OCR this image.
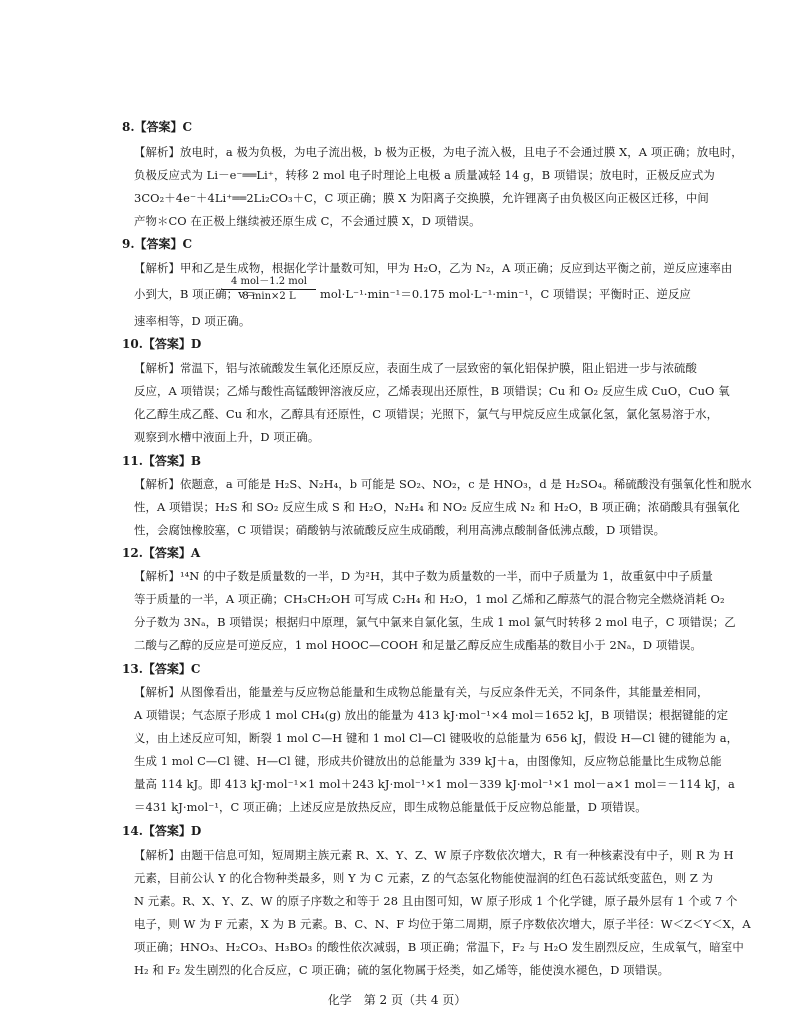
8.【答案】C
【解析】放电时，a 极为负极，为电子流出极，b 极为正极，为电子流入极，且电子不会通过膜 X，A 项正确；放电时，
负极反应式为 Li－e⁻══Li⁺，转移 2 mol 电子时理论上电极 a 质量减轻 14 g，B 项错误；放电时，正极反应式为
3CO₂＋4e⁻＋4Li⁺══2Li₂CO₃＋C，C 项正确；膜 X 为阳离子交换膜，允许锂离子由负极区向正极区迁移，中间
产物＊CO 在正极上继续被还原生成 C，不会通过膜 X，D 项错误。
9.【答案】C
【解析】甲和乙是生成物，根据化学计量数可知，甲为 H₂O，乙为 N₂，A 项正确；反应到达平衡之前，逆反应速率由
小到大，B 项正确；v＝
4 mol－1.2 mol
8 min×2 L	mol·L⁻¹·min⁻¹＝0.175 mol·L⁻¹·min⁻¹，C 项错误；平衡时正、逆反应
速率相等，D 项正确。
10.【答案】D
【解析】常温下，铝与浓硫酸发生氧化还原反应，表面生成了一层致密的氧化铝保护膜，阻止铝进一步与浓硫酸
反应，A 项错误；乙烯与酸性高锰酸钾溶液反应，乙烯表现出还原性，B 项错误；Cu 和 O₂ 反应生成 CuO，CuO 氧
化乙醇生成乙醛、Cu 和水，乙醇具有还原性，C 项错误；光照下，氯气与甲烷反应生成氯化氢，氯化氢易溶于水，
观察到水槽中液面上升，D 项正确。
11.【答案】B
【解析】依题意，a 可能是 H₂S、N₂H₄，b 可能是 SO₂、NO₂，c 是 HNO₃，d 是 H₂SO₄。稀硫酸没有强氧化性和脱水
性，A 项错误；H₂S 和 SO₂ 反应生成 S 和 H₂O，N₂H₄ 和 NO₂ 反应生成 N₂ 和 H₂O，B 项正确；浓硝酸具有强氧化
性，会腐蚀橡胶塞，C 项错误；硝酸钠与浓硫酸反应生成硝酸，利用高沸点酸制备低沸点酸，D 项错误。
12.【答案】A
【解析】¹⁴N 的中子数是质量数的一半，D 为²H，其中子数为质量数的一半，而中子质量为 1，故重氨中中子质量
等于质量的一半，A 项正确；CH₃CH₂OH 可写成 C₂H₄ 和 H₂O，1 mol 乙烯和乙醇蒸气的混合物完全燃烧消耗 O₂
分子数为 3Nₐ，B 项错误；根据归中原理，氯气中氯来自氯化氢，生成 1 mol 氯气时转移 2 mol 电子，C 项错误；乙
二酸与乙醇的反应是可逆反应，1 mol HOOC—COOH 和足量乙醇反应生成酯基的数目小于 2Nₐ，D 项错误。
13.【答案】C
【解析】从图像看出，能量差与反应物总能量和生成物总能量有关，与反应条件无关，不同条件，其能量差相同，
A 项错误；气态原子形成 1 mol CH₄(g) 放出的能量为 413 kJ·mol⁻¹×4 mol＝1652 kJ，B 项错误；根据键能的定
义，由上述反应可知，断裂 1 mol C—H 键和 1 mol Cl—Cl 键吸收的总能量为 656 kJ，假设 H—Cl 键的键能为 a，
生成 1 mol C—Cl 键、H—Cl 键，形成共价键放出的总能量为 339 kJ＋a，由图像知，反应物总能量比生成物总能
量高 114 kJ。即 413 kJ·mol⁻¹×1 mol＋243 kJ·mol⁻¹×1 mol－339 kJ·mol⁻¹×1 mol－a×1 mol＝－114 kJ，a
＝431 kJ·mol⁻¹，C 项正确；上述反应是放热反应，即生成物总能量低于反应物总能量，D 项错误。
14.【答案】D
【解析】由题干信息可知，短周期主族元素 R、X、Y、Z、W 原子序数依次增大，R 有一种核素没有中子，则 R 为 H
元素，目前公认 Y 的化合物种类最多，则 Y 为 C 元素，Z 的气态氢化物能使湿润的红色石蕊试纸变蓝色，则 Z 为
N 元素。R、X、Y、Z、W 的原子序数之和等于 28 且由图可知，W 原子形成 1 个化学键，原子最外层有 1 个或 7 个
电子，则 W 为 F 元素，X 为 B 元素。B、C、N、F 均位于第二周期，原子序数依次增大，原子半径：W＜Z＜Y＜X，A
项正确；HNO₃、H₂CO₃、H₃BO₃ 的酸性依次减弱，B 项正确；常温下，F₂ 与 H₂O 发生剧烈反应，生成氧气，暗室中
H₂ 和 F₂ 发生剧烈的化合反应，C 项正确；硫的氢化物属于烃类，如乙烯等，能使溴水褪色，D 项错误。
化学　第 2 页（共 4 页）
